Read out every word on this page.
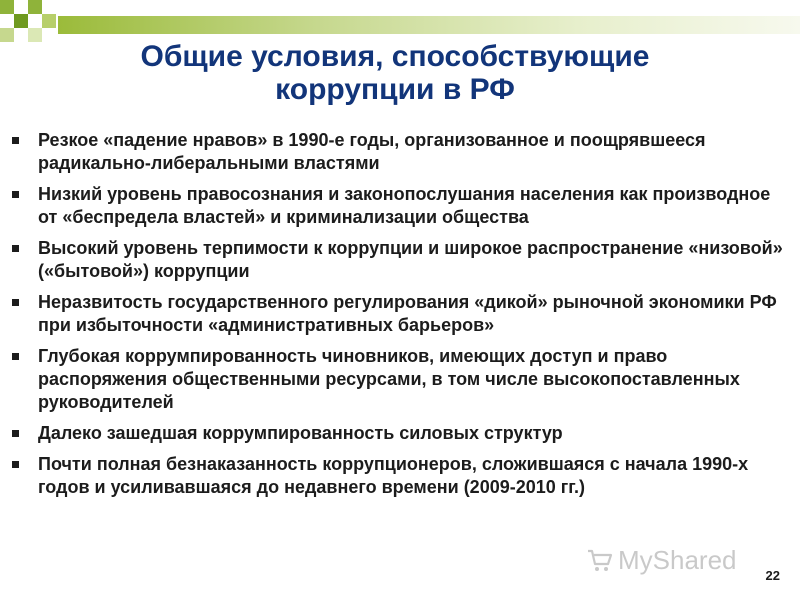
Общие условия, способствующие
коррупции в РФ
Резкое «падение нравов» в 1990-е годы, организованное и поощрявшееся радикально-либеральными властями
Низкий уровень правосознания и законопослушания населения как производное от «беспредела властей» и криминализации общества
Высокий уровень терпимости к коррупции и широкое распространение «низовой» («бытовой») коррупции
Неразвитость государственного регулирования «дикой» рыночной экономики РФ при избыточности «административных барьеров»
Глубокая коррумпированность чиновников, имеющих доступ и право распоряжения общественными ресурсами, в том числе высокопоставленных руководителей
Далеко зашедшая коррумпированность силовых структур
Почти полная безнаказанность коррупционеров, сложившаяся с начала 1990-х годов и усиливавшаяся до недавнего времени (2009-2010 гг.)
MyShared
22
